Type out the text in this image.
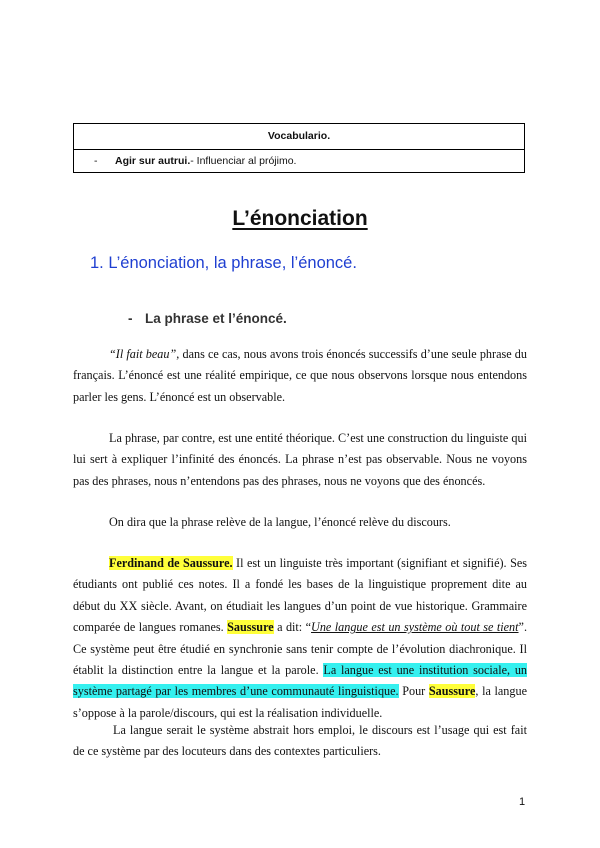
Vocabulario.
- Agir sur autrui.- Influenciar al prójimo.
L’énonciation
1. L’énonciation, la phrase, l’énoncé.
- La phrase et l’énoncé.
“Il fait beau”, dans ce cas, nous avons trois énoncés successifs d’une seule phrase du français. L’énoncé est une réalité empirique, ce que nous observons lorsque nous entendons parler les gens. L’énoncé est un observable.
La phrase, par contre, est une entité théorique. C’est une construction du linguiste qui lui sert à expliquer l’infinité des énoncés. La phrase n’est pas observable. Nous ne voyons pas des phrases, nous n’entendons pas des phrases, nous ne voyons que des énoncés.
On dira que la phrase relève de la langue, l’énoncé relève du discours.
Ferdinand de Saussure. Il est un linguiste très important (signifiant et signifié). Ses étudiants ont publié ces notes. Il a fondé les bases de la linguistique proprement dite au début du XX siècle. Avant, on étudiait les langues d’un point de vue historique. Grammaire comparée de langues romanes. Saussure a dit: “Une langue est un système où tout se tient”. Ce système peut être étudié en synchronie sans tenir compte de l’évolution diachronique. Il établit la distinction entre la langue et la parole. La langue est une institution sociale, un système partagé par les membres d’une communauté linguistique. Pour Saussure, la langue s’oppose à la parole/discours, qui est la réalisation individuelle.
La langue serait le système abstrait hors emploi, le discours est l’usage qui est fait de ce système par des locuteurs dans des contextes particuliers.
1
